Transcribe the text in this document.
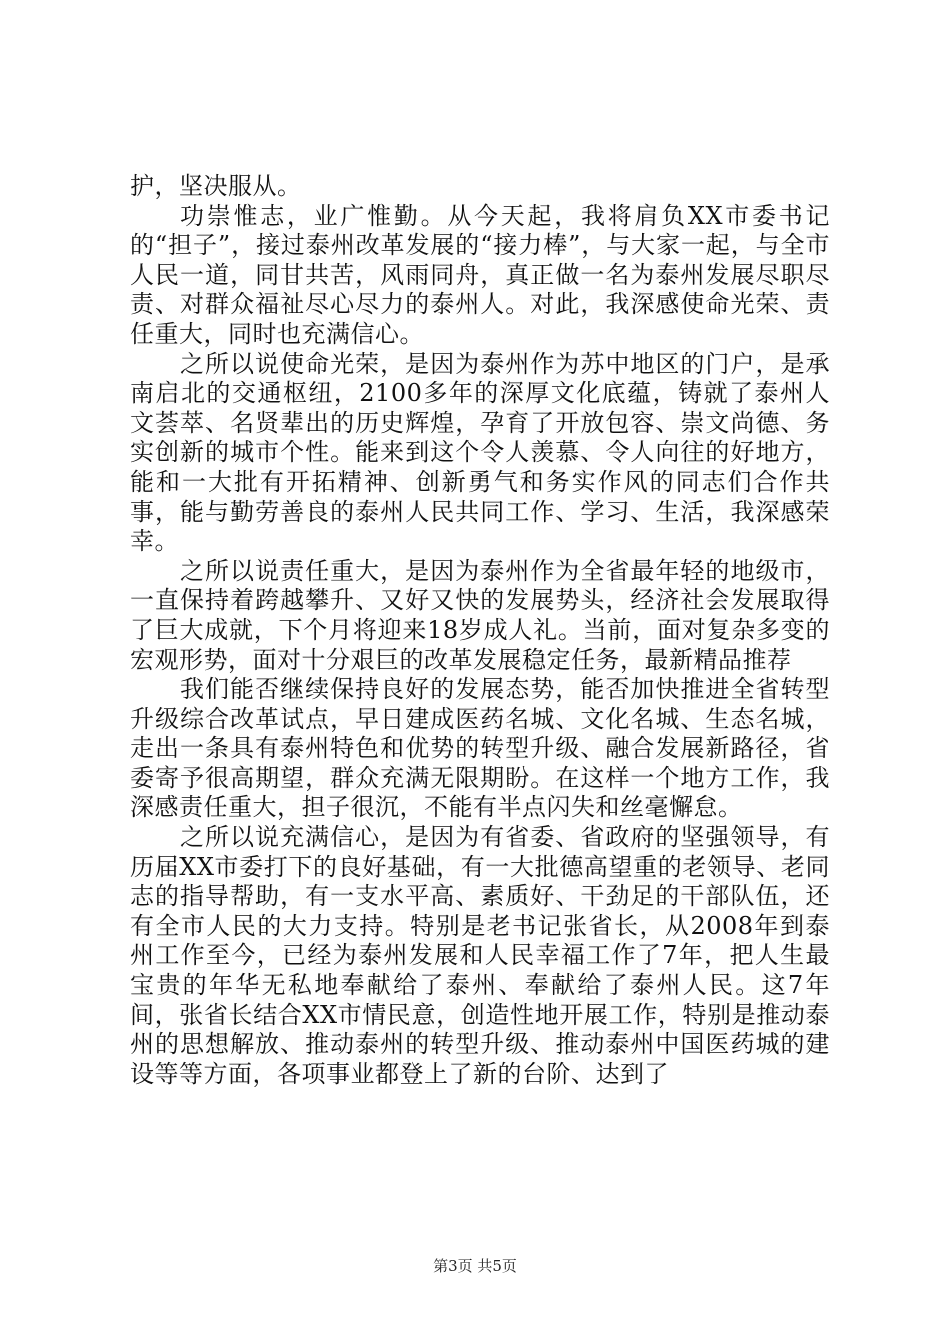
护，坚决服从。

功崇惟志，业广惟勤。从今天起，我将肩负XX市委书记的“担子”，接过泰州改革发展的“接力棒”，与大家一起，与全市人民一道，同甘共苦，风雨同舟，真正做一名为泰州发展尽职尽责、对群众福祉尽心尽力的泰州人。对此，我深感使命光荣、责任重大，同时也充满信心。

之所以说使命光荣，是因为泰州作为苏中地区的门户，是承南启北的交通枢纽，2100多年的深厚文化底蕴，铸就了泰州人文荟萃、名贤辈出的历史辉煌，孕育了开放包容、崇文尚德、务实创新的城市个性。能来到这个令人羡慕、令人向往的好地方，能和一大批有开拓精神、创新勇气和务实作风的同志们合作共事，能与勤劳善良的泰州人民共同工作、学习、生活，我深感荣幸。

之所以说责任重大，是因为泰州作为全省最年轻的地级市，一直保持着跨越攀升、又好又快的发展势头，经济社会发展取得了巨大成就，下个月将迎来18岁成人礼。当前，面对复杂多变的宏观形势，面对十分艰巨的改革发展稳定任务，最新精品推荐

我们能否继续保持良好的发展态势，能否加快推进全省转型升级综合改革试点，早日建成医药名城、文化名城、生态名城，走出一条具有泰州特色和优势的转型升级、融合发展新路径，省委寄予很高期望，群众充满无限期盼。在这样一个地方工作，我深感责任重大，担子很沉，不能有半点闪失和丝毫懈怠。

之所以说充满信心，是因为有省委、省政府的坚强领导，有历届XX市委打下的良好基础，有一大批德高望重的老领导、老同志的指导帮助，有一支水平高、素质好、干劲足的干部队伍，还有全市人民的大力支持。特别是老书记张省长，从2008年到泰州工作至今，已经为泰州发展和人民幸福工作了7年，把人生最宝贵的年华无私地奉献给了泰州、奉献给了泰州人民。这7年间，张省长结合XX市情民意，创造性地开展工作，特别是推动泰州的思想解放、推动泰州的转型升级、推动泰州中国医药城的建设等等方面，各项事业都登上了新的台阶、达到了

第3页 共5页
